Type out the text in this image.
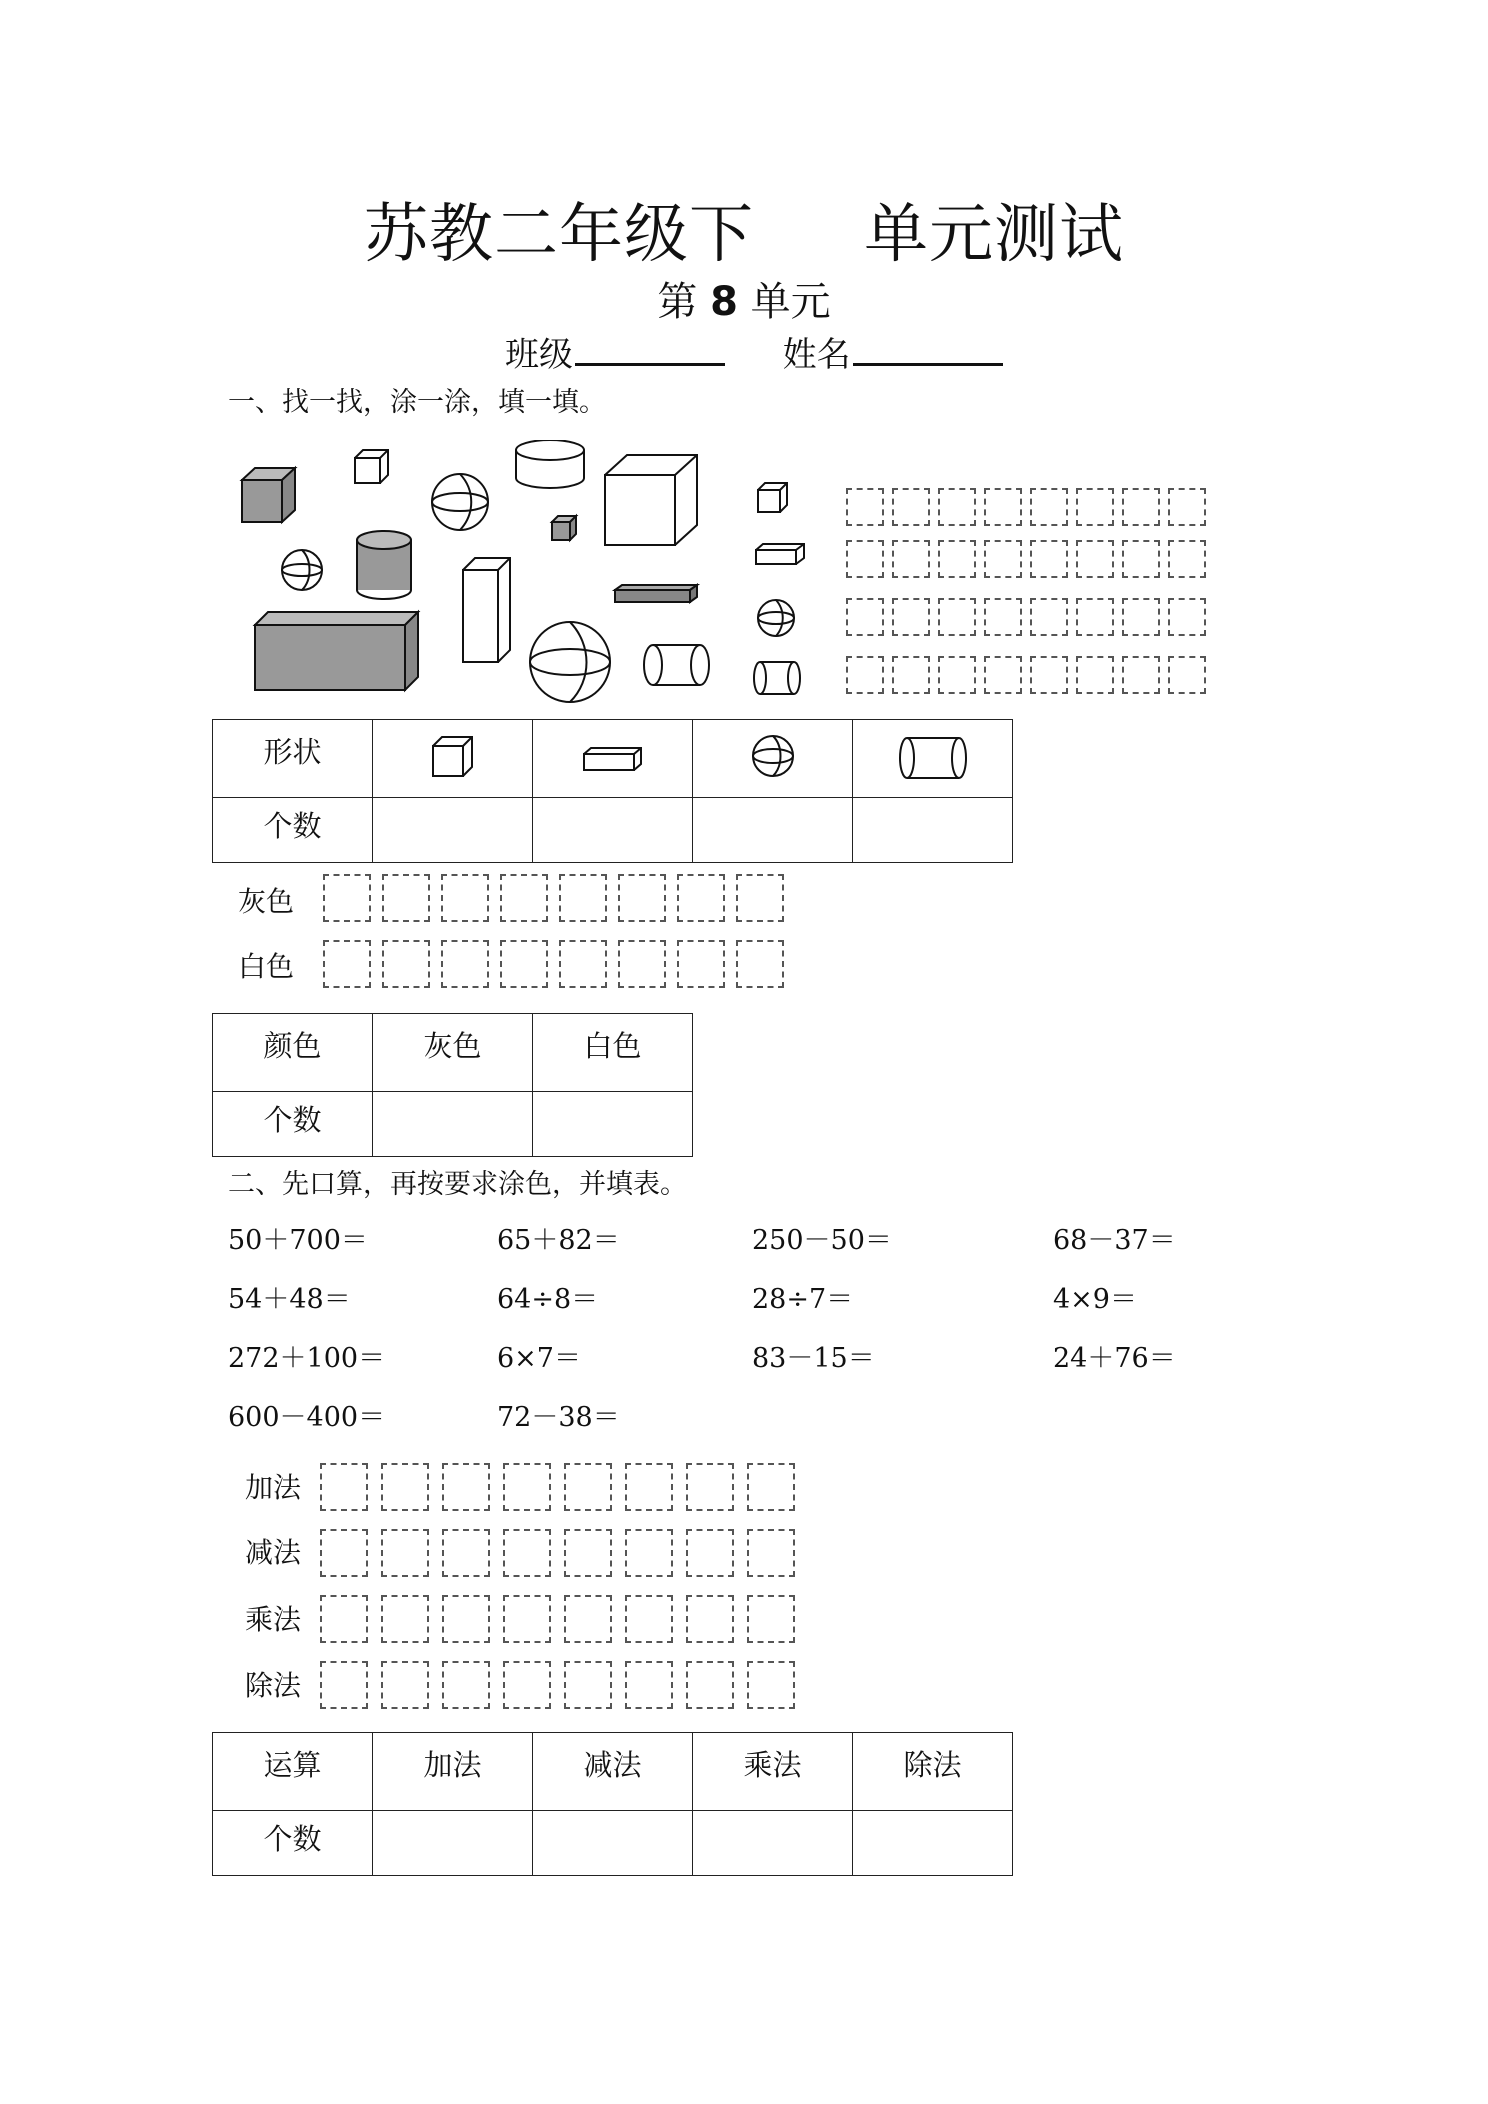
苏教二年级下 单元测试
第 8 单元
班级	姓名
一、找一找，涂一涂，填一填。
形状				
个数				
灰色
白色
颜色	灰色	白色
个数		
二、先口算，再按要求涂色，并填表。
50＋700＝	65＋82＝	250－50＝	68－37＝
54＋48＝	64÷8＝	28÷7＝	4×9＝
272＋100＝	6×7＝	83－15＝	24＋76＝
600－400＝	72－38＝
加法
减法
乘法
除法
运算	加法	减法	乘法	除法
个数				
